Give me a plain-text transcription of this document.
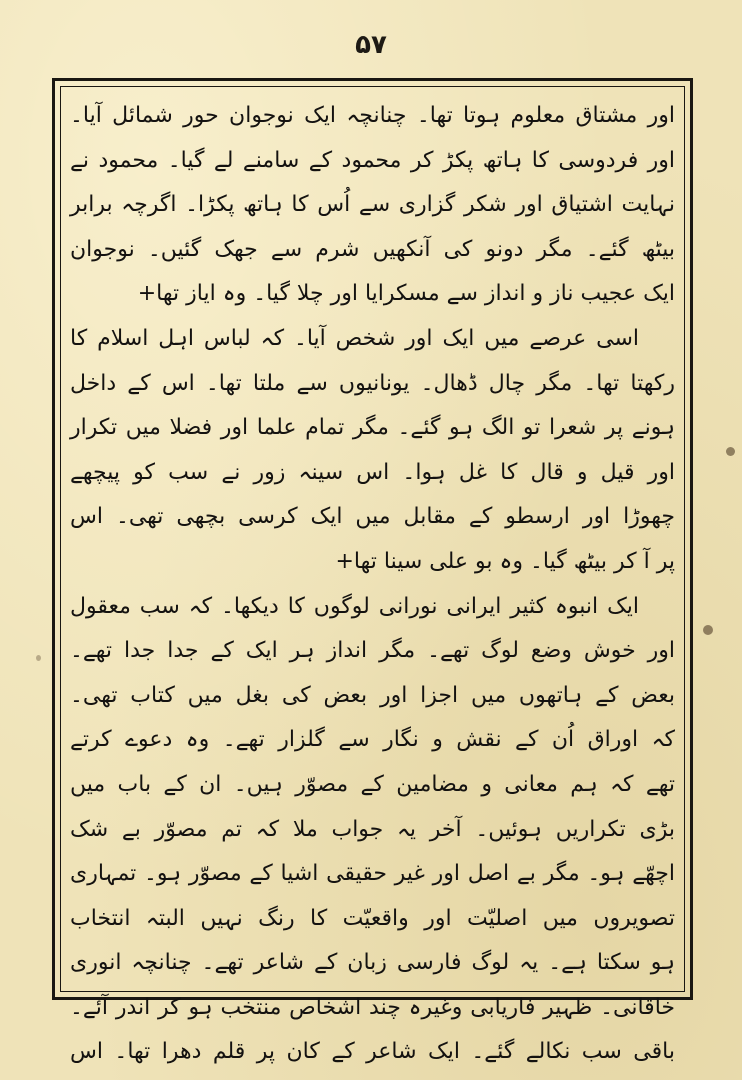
۵۷
اور مشتاق معلوم ہوتا تھا۔ چنانچہ ایک نوجوان حور شمائل آیا۔
اور فردوسی کا ہاتھ پکڑ کر محمود کے سامنے لے گیا۔ محمود نے
نہایت اشتیاق اور شکر گزاری سے اُس کا ہاتھ پکڑا۔ اگرچہ برابر
بیٹھ گئے۔ مگر دونو کی آنکھیں شرم سے جھک گئیں۔ نوجوان
ایک عجیب ناز و انداز سے مسکرایا اور چلا گیا۔ وہ ایاز تھا+
اسی عرصے میں ایک اور شخص آیا۔ کہ لباس اہل اسلام کا
رکھتا تھا۔ مگر چال ڈھال۔ یونانیوں سے ملتا تھا۔ اس کے داخل
ہونے پر شعرا تو الگ ہو گئے۔ مگر تمام علما اور فضلا میں تکرار
اور قیل و قال کا غل ہوا۔ اس سینہ زور نے سب کو پیچھے
چھوڑا اور ارسطو کے مقابل میں ایک کرسی بچھی تھی۔ اس
پر آ کر بیٹھ گیا۔ وہ بو علی سینا تھا+
ایک انبوہ کثیر ایرانی نورانی لوگوں کا دیکھا۔ کہ سب معقول
اور خوش وضع لوگ تھے۔ مگر انداز ہر ایک کے جدا جدا تھے۔
بعض کے ہاتھوں میں اجزا اور بعض کی بغل میں کتاب تھی۔
کہ اوراق اُن کے نقش و نگار سے گلزار تھے۔ وہ دعوے کرتے
تھے کہ ہم معانی و مضامین کے مصوّر ہیں۔ ان کے باب میں
بڑی تکراریں ہوئیں۔ آخر یہ جواب ملا کہ تم مصوّر بے شک
اچھّے ہو۔ مگر بے اصل اور غیر حقیقی اشیا کے مصوّر ہو۔ تمہاری
تصویروں میں اصلیّت اور واقعیّت کا رنگ نہیں البتہ انتخاب
ہو سکتا ہے۔ یہ لوگ فارسی زبان کے شاعر تھے۔ چنانچہ انوری
خاقانی۔ ظہیر فاریابی وغیرہ چند اشخاص منتخب ہو کر اندر آئے۔
باقی سب نکالے گئے۔ ایک شاعر کے کان پر قلم دھرا تھا۔ اس
